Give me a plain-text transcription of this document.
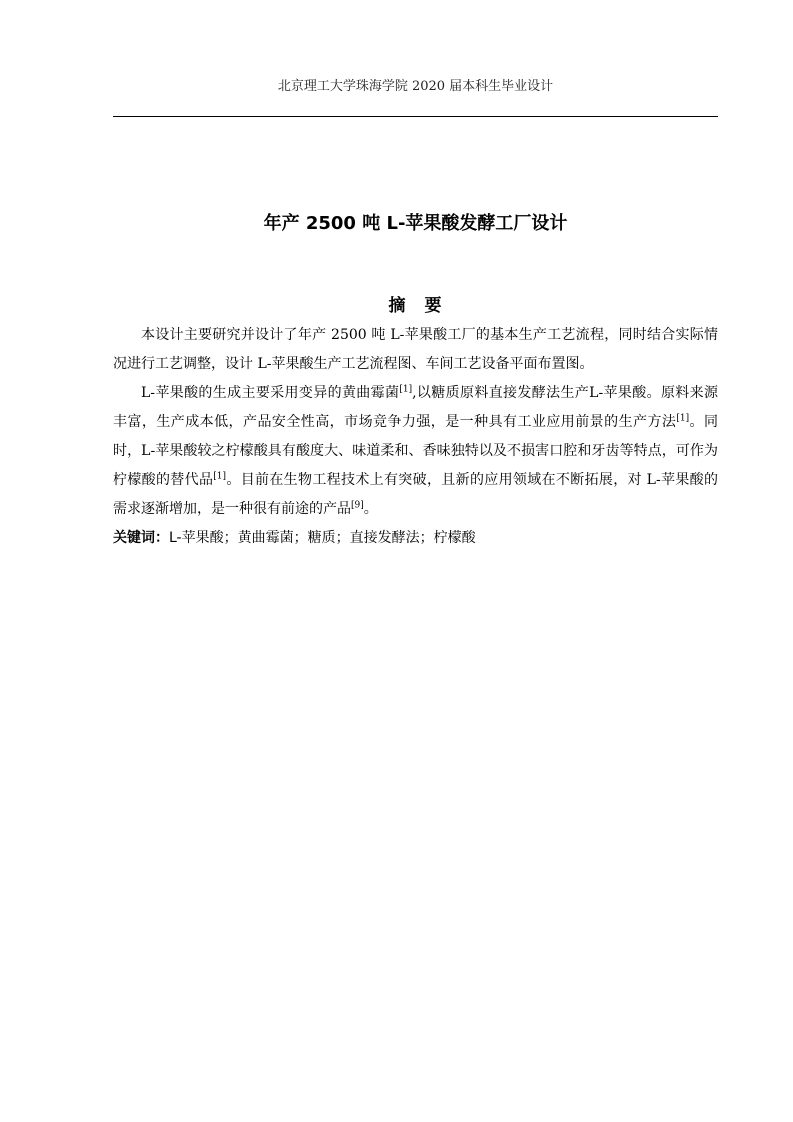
北京理工大学珠海学院 2020 届本科生毕业设计
年产 2500 吨 L-苹果酸发酵工厂设计
摘　要

本设计主要研究并设计了年产 2500 吨 L-苹果酸工厂的基本生产工艺流程，同时结合实际情况进行工艺调整，设计 L-苹果酸生产工艺流程图、车间工艺设备平面布置图。

L-苹果酸的生成主要采用变异的黄曲霉菌[1],以糖质原料直接发酵法生产L-苹果酸。原料来源丰富，生产成本低，产品安全性高，市场竞争力强，是一种具有工业应用前景的生产方法[1]。同时，L-苹果酸较之柠檬酸具有酸度大、味道柔和、香味独特以及不损害口腔和牙齿等特点，可作为柠檬酸的替代品[1]。目前在生物工程技术上有突破，且新的应用领域在不断拓展，对 L-苹果酸的需求逐渐增加，是一种很有前途的产品[9]。

关键词：L-苹果酸；黄曲霉菌；糖质；直接发酵法；柠檬酸
